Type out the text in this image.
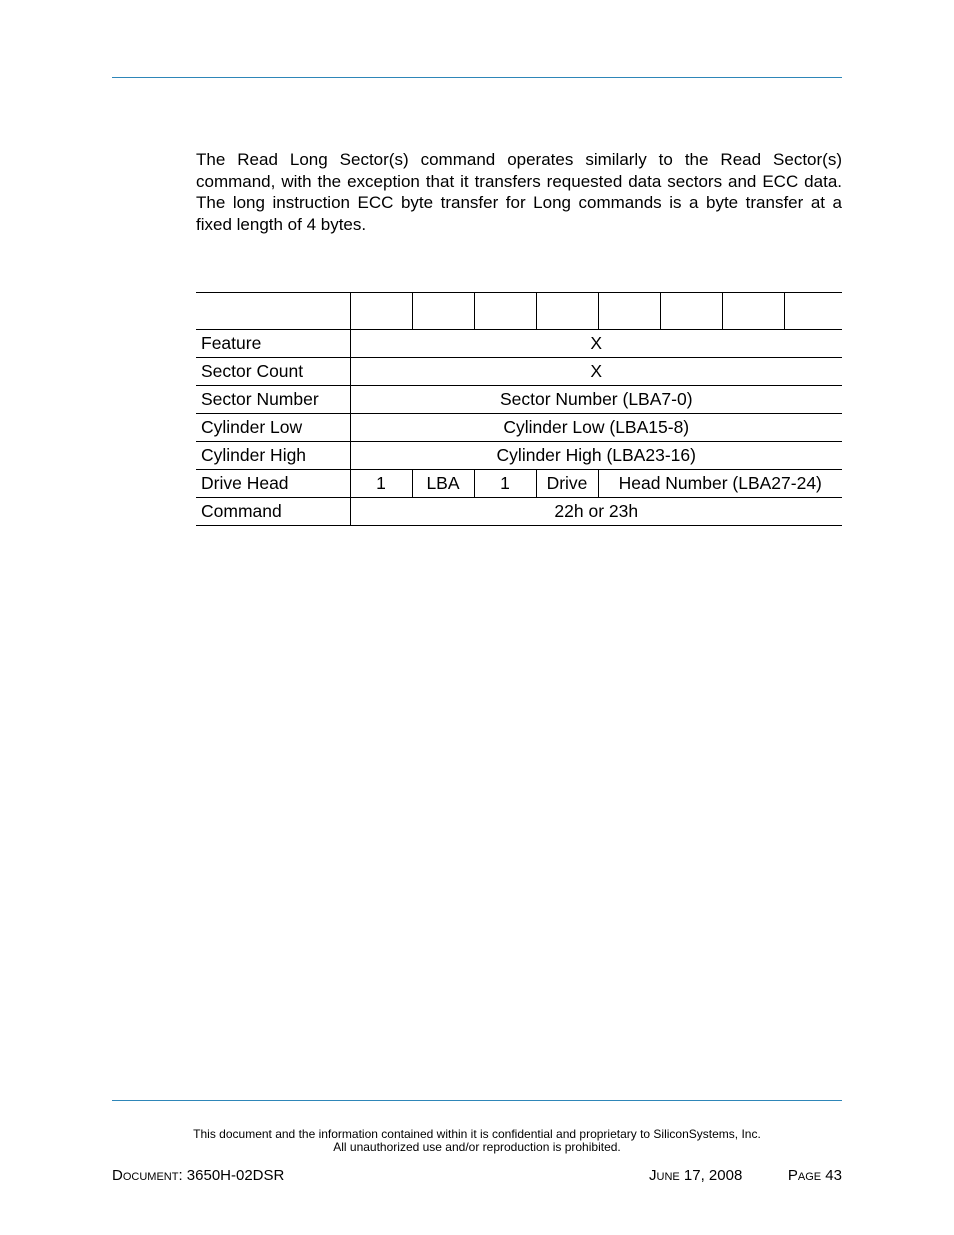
The Read Long Sector(s) command operates similarly to the Read Sector(s) command, with the exception that it transfers requested data sectors and ECC data. The long instruction ECC byte transfer for Long commands is a byte transfer at a fixed length of 4 bytes.

Feature	X							
Sector Count	X							
Sector Number	Sector Number (LBA7-0)							
Cylinder Low	Cylinder Low (LBA15-8)							
Cylinder High	Cylinder High (LBA23-16)							
Drive Head	1	LBA	1	Drive	Head Number (LBA27-24)			
Command	22h or 23h							
This document and the information contained within it is confidential and proprietary to SiliconSystems, Inc.
All unauthorized use and/or reproduction is prohibited.
Document: 3650H-02DSR	June 17, 2008	Page 43
